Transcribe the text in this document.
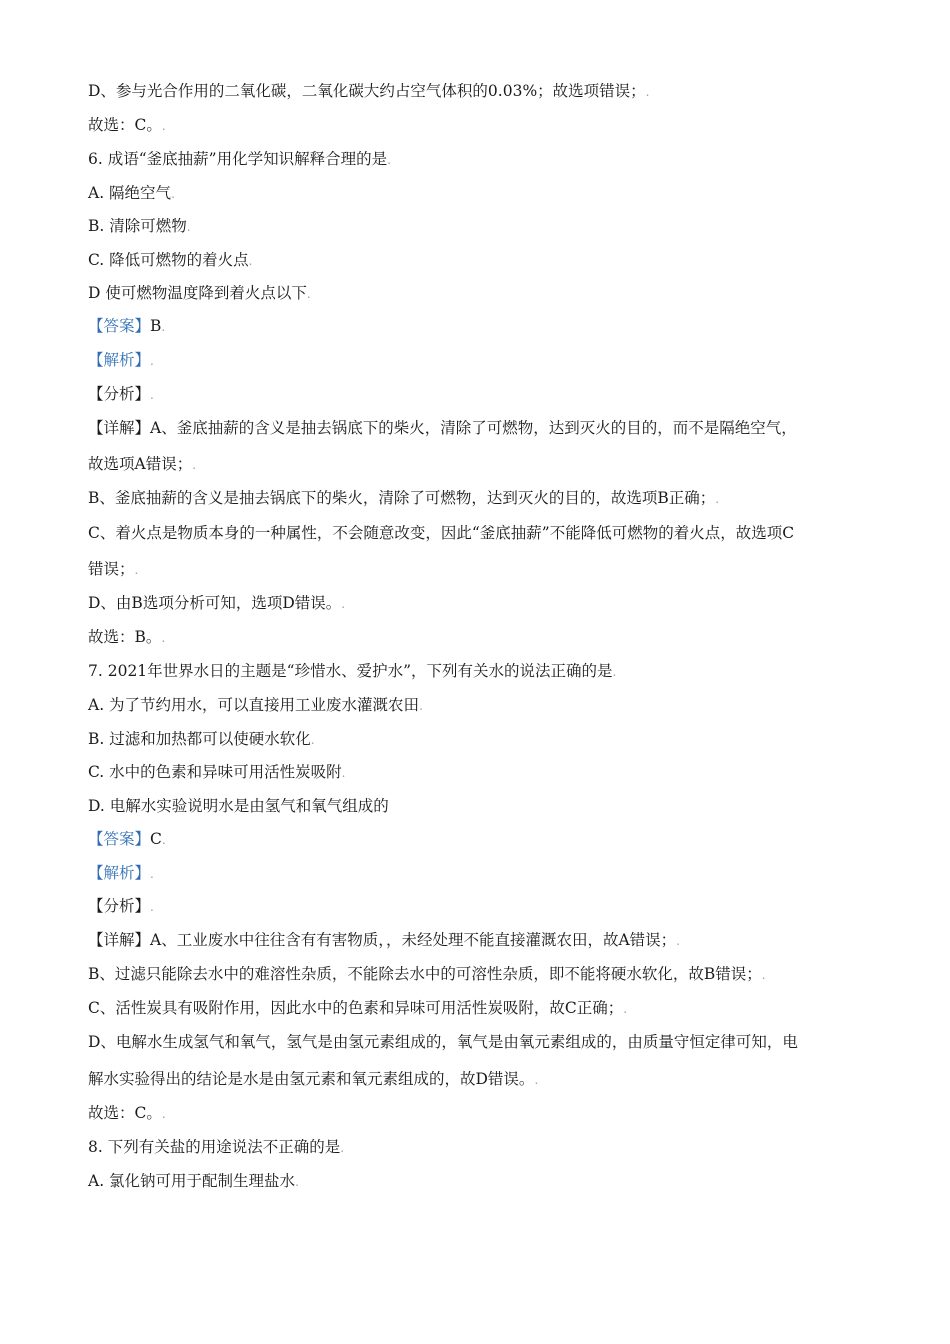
D、参与光合作用的二氧化碳，二氧化碳大约占空气体积的0.03%；故选项错误；.
故选：C。.
6. 成语“釜底抽薪”用化学知识解释合理的是.
A. 隔绝空气.
B. 清除可燃物.
C. 降低可燃物的着火点.
D 使可燃物温度降到着火点以下.
【答案】B.
【解析】.
【分析】.
【详解】A、釜底抽薪的含义是抽去锅底下的柴火，清除了可燃物，达到灭火的目的，而不是隔绝空气，
故选项A错误；.
B、釜底抽薪的含义是抽去锅底下的柴火，清除了可燃物，达到灭火的目的，故选项B正确；.
C、着火点是物质本身的一种属性，不会随意改变，因此“釜底抽薪”不能降低可燃物的着火点，故选项C
错误；.
D、由B选项分析可知，选项D错误。.
故选：B。.
7. 2021年世界水日的主题是“珍惜水、爱护水”，下列有关水的说法正确的是.
A. 为了节约用水，可以直接用工业废水灌溉农田.
B. 过滤和加热都可以使硬水软化.
C. 水中的色素和异味可用活性炭吸附.
D. 电解水实验说明水是由氢气和氧气组成的
【答案】C.
【解析】.
【分析】.
【详解】A、工业废水中往往含有有害物质，，未经处理不能直接灌溉农田，故A错误；.
B、过滤只能除去水中的难溶性杂质，不能除去水中的可溶性杂质，即不能将硬水软化，故B错误；.
C、活性炭具有吸附作用，因此水中的色素和异味可用活性炭吸附，故C正确；.
D、电解水生成氢气和氧气，氢气是由氢元素组成的，氧气是由氧元素组成的，由质量守恒定律可知，电
解水实验得出的结论是水是由氢元素和氧元素组成的，故D错误。.
故选：C。.
8. 下列有关盐的用途说法不正确的是.
A. 氯化钠可用于配制生理盐水.
